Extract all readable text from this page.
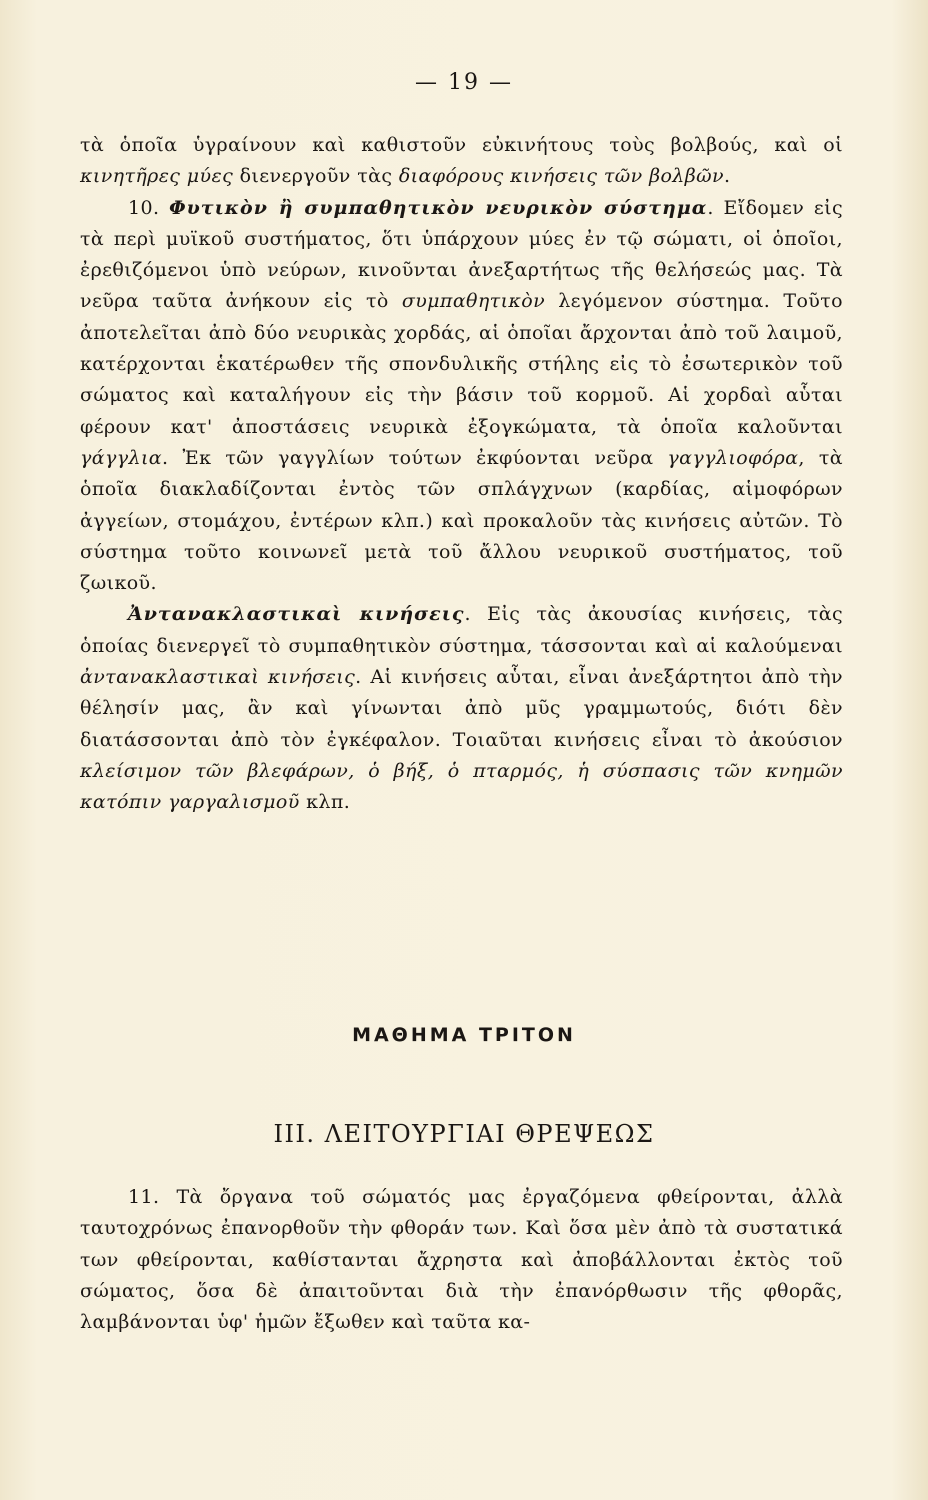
— 19 —

τὰ ὁποῖα ὑγραίνουν καὶ καθιστοῦν εὐκινήτους τοὺς βολβούς, καὶ οἱ κινητῆρες μύες διενεργοῦν τὰς διαφόρους κινήσεις τῶν βολβῶν.

10. Φυτικὸν ἢ συμπαθητικὸν νευρικὸν σύστημα. Εἴδομεν εἰς τὰ περὶ μυϊκοῦ συστήματος, ὅτι ὑπάρχουν μύες ἐν τῷ σώματι, οἱ ὁποῖοι, ἐρεθιζόμενοι ὑπὸ νεύρων, κινοῦνται ἀνεξαρτήτως τῆς θελήσεώς μας. Τὰ νεῦρα ταῦτα ἀνήκουν εἰς τὸ συμπαθητικὸν λεγόμενον σύστημα. Τοῦτο ἀποτελεῖται ἀπὸ δύο νευρικὰς χορδάς, αἱ ὁποῖαι ἄρχονται ἀπὸ τοῦ λαιμοῦ, κατέρχονται ἑκατέρωθεν τῆς σπονδυλικῆς στήλης εἰς τὸ ἐσωτερικὸν τοῦ σώματος καὶ καταλήγουν εἰς τὴν βάσιν τοῦ κορμοῦ. Αἱ χορδαὶ αὗται φέρουν κατ' ἀποστάσεις νευρικὰ ἐξογκώματα, τὰ ὁποῖα καλοῦνται γάγγλια. Ἐκ τῶν γαγγλίων τούτων ἐκφύονται νεῦρα γαγγλιοφόρα, τὰ ὁποῖα διακλαδίζονται ἐντὸς τῶν σπλάγχνων (καρδίας, αἱμοφόρων ἀγγείων, στομάχου, ἐντέρων κλπ.) καὶ προκαλοῦν τὰς κινήσεις αὐτῶν. Τὸ σύστημα τοῦτο κοινωνεῖ μετὰ τοῦ ἄλλου νευρικοῦ συστήματος, τοῦ ζωικοῦ.

Ἀντανακλαστικαὶ κινήσεις. Εἰς τὰς ἀκουσίας κινήσεις, τὰς ὁποίας διενεργεῖ τὸ συμπαθητικὸν σύστημα, τάσσονται καὶ αἱ καλούμεναι ἀντανακλαστικαὶ κινήσεις. Αἱ κινήσεις αὗται, εἶναι ἀνεξάρτητοι ἀπὸ τὴν θέλησίν μας, ἂν καὶ γίνωνται ἀπὸ μῦς γραμμωτούς, διότι δὲν διατάσσονται ἀπὸ τὸν ἐγκέφαλον. Τοιαῦται κινήσεις εἶναι τὸ ἀκούσιον κλείσιμον τῶν βλεφάρων, ὁ βήξ, ὁ πταρμός, ἡ σύσπασις τῶν κνημῶν κατόπιν γαργαλισμοῦ κλπ.

ΜΑΘΗΜΑ ΤΡΙΤΟΝ
III. ΛΕΙΤΟΥΡΓΙΑΙ ΘΡΕΨΕΩΣ

11. Τὰ ὄργανα τοῦ σώματός μας ἐργαζόμενα φθείρονται, ἀλλὰ ταυτοχρόνως ἐπανορθοῦν τὴν φθοράν των. Καὶ ὅσα μὲν ἀπὸ τὰ συστατικά των φθείρονται, καθίστανται ἄχρηστα καὶ ἀποβάλλονται ἐκτὸς τοῦ σώματος, ὅσα δὲ ἀπαιτοῦνται διὰ τὴν ἐπανόρθωσιν τῆς φθορᾶς, λαμβάνονται ὑφ' ἡμῶν ἔξωθεν καὶ ταῦτα κα-
